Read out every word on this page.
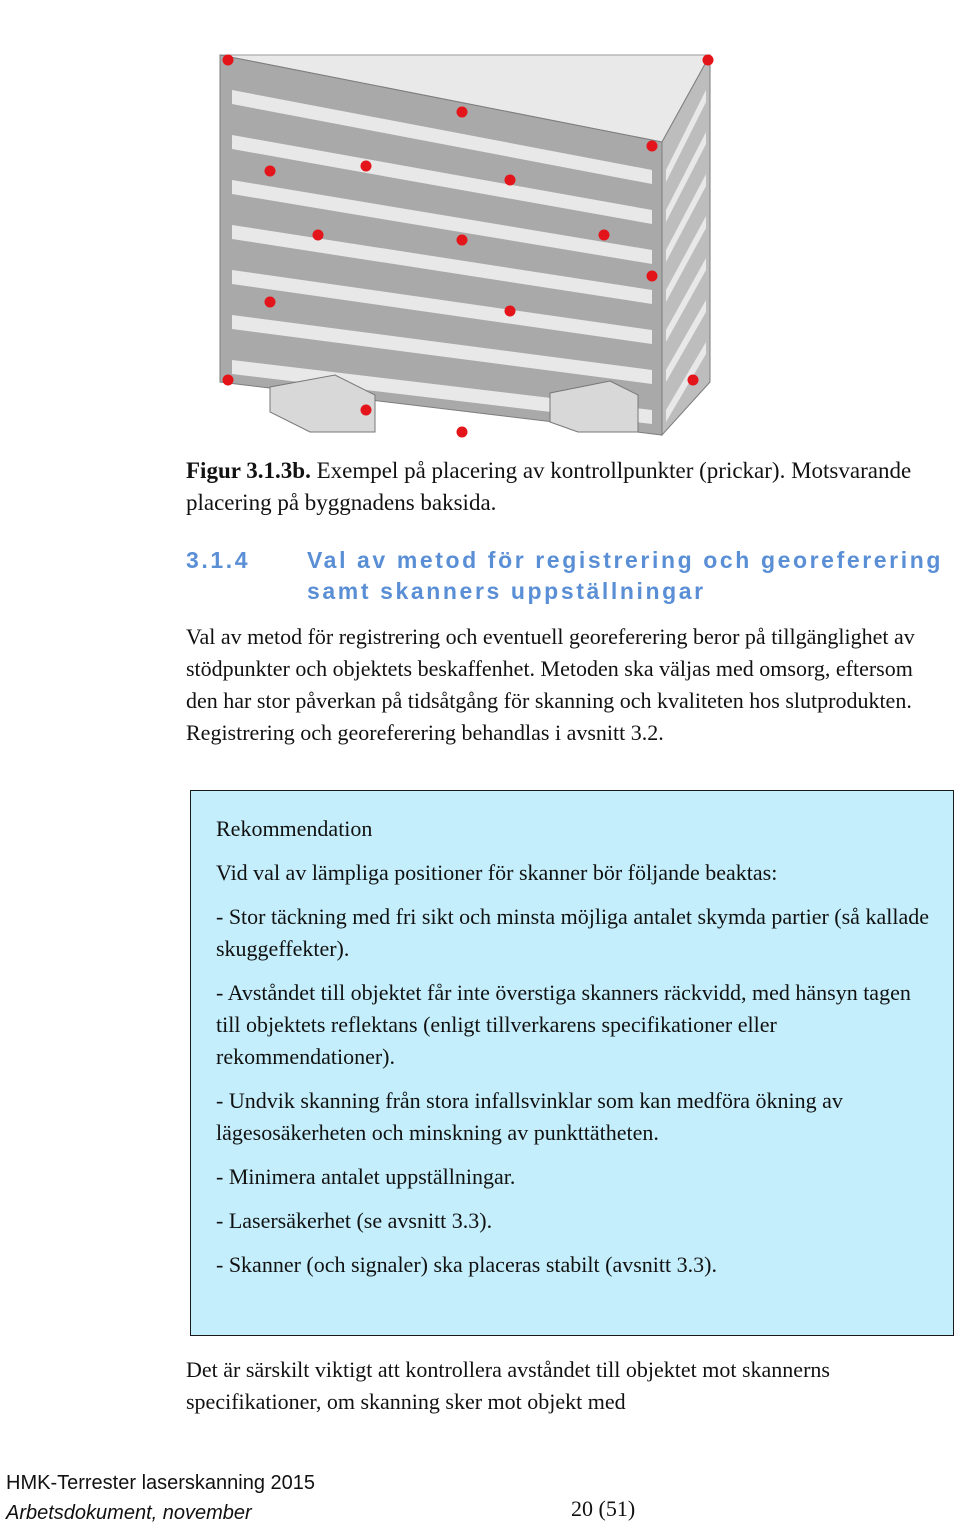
Figur 3.1.3b. Exempel på placering av kontrollpunkter (prickar). Motsvarande placering på byggnadens baksida.
3.1.4 Val av metod för registrering och georeferering samt skanners uppställningar
Val av metod för registrering och eventuell georeferering beror på tillgänglighet av stödpunkter och objektets beskaffenhet. Metoden ska väljas med omsorg, eftersom den har stor påverkan på tidsåtgång för skanning och kvaliteten hos slutprodukten. Registrering och georeferering behandlas i avsnitt 3.2.

Rekommendation

Vid val av lämpliga positioner för skanner bör följande beaktas:

- Stor täckning med fri sikt och minsta möjliga antalet skymda partier (så kallade skuggeffekter).

- Avståndet till objektet får inte överstiga skanners räckvidd, med hänsyn tagen till objektets reflektans (enligt tillverkarens specifikationer eller rekommendationer).

- Undvik skanning från stora infallsvinklar som kan medföra ökning av lägesosäkerheten och minskning av punkttätheten.

- Minimera antalet uppställningar.

- Lasersäkerhet (se avsnitt 3.3).

- Skanner (och signaler) ska placeras stabilt (avsnitt 3.3).

Det är särskilt viktigt att kontrollera avståndet till objektet mot skannerns specifikationer, om skanning sker mot objekt med
HMK-Terrester laserskanning 2015
Arbetsdokument, november	20 (51)
